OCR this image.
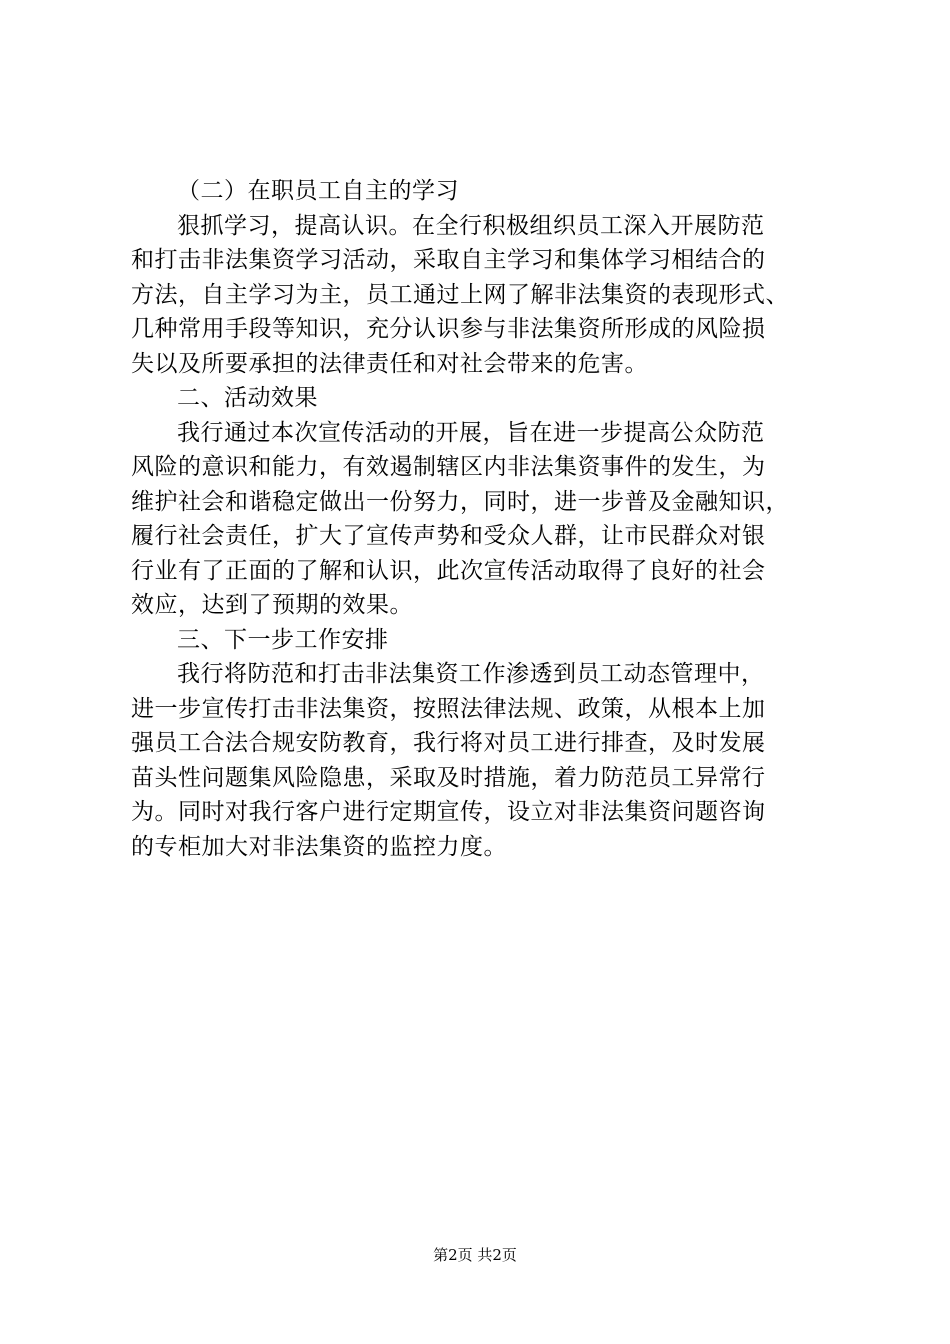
（二）在职员工自主的学习
狠抓学习，提高认识。在全行积极组织员工深入开展防范
和打击非法集资学习活动，采取自主学习和集体学习相结合的
方法，自主学习为主，员工通过上网了解非法集资的表现形式、
几种常用手段等知识，充分认识参与非法集资所形成的风险损
失以及所要承担的法律责任和对社会带来的危害。
二、活动效果
我行通过本次宣传活动的开展，旨在进一步提高公众防范
风险的意识和能力，有效遏制辖区内非法集资事件的发生，为
维护社会和谐稳定做出一份努力，同时，进一步普及金融知识，
履行社会责任，扩大了宣传声势和受众人群，让市民群众对银
行业有了正面的了解和认识，此次宣传活动取得了良好的社会
效应，达到了预期的效果。
三、下一步工作安排
我行将防范和打击非法集资工作渗透到员工动态管理中，
进一步宣传打击非法集资，按照法律法规、政策，从根本上加
强员工合法合规安防教育，我行将对员工进行排查，及时发展
苗头性问题集风险隐患，采取及时措施，着力防范员工异常行
为。同时对我行客户进行定期宣传，设立对非法集资问题咨询
的专柜加大对非法集资的监控力度。
第2页 共2页
